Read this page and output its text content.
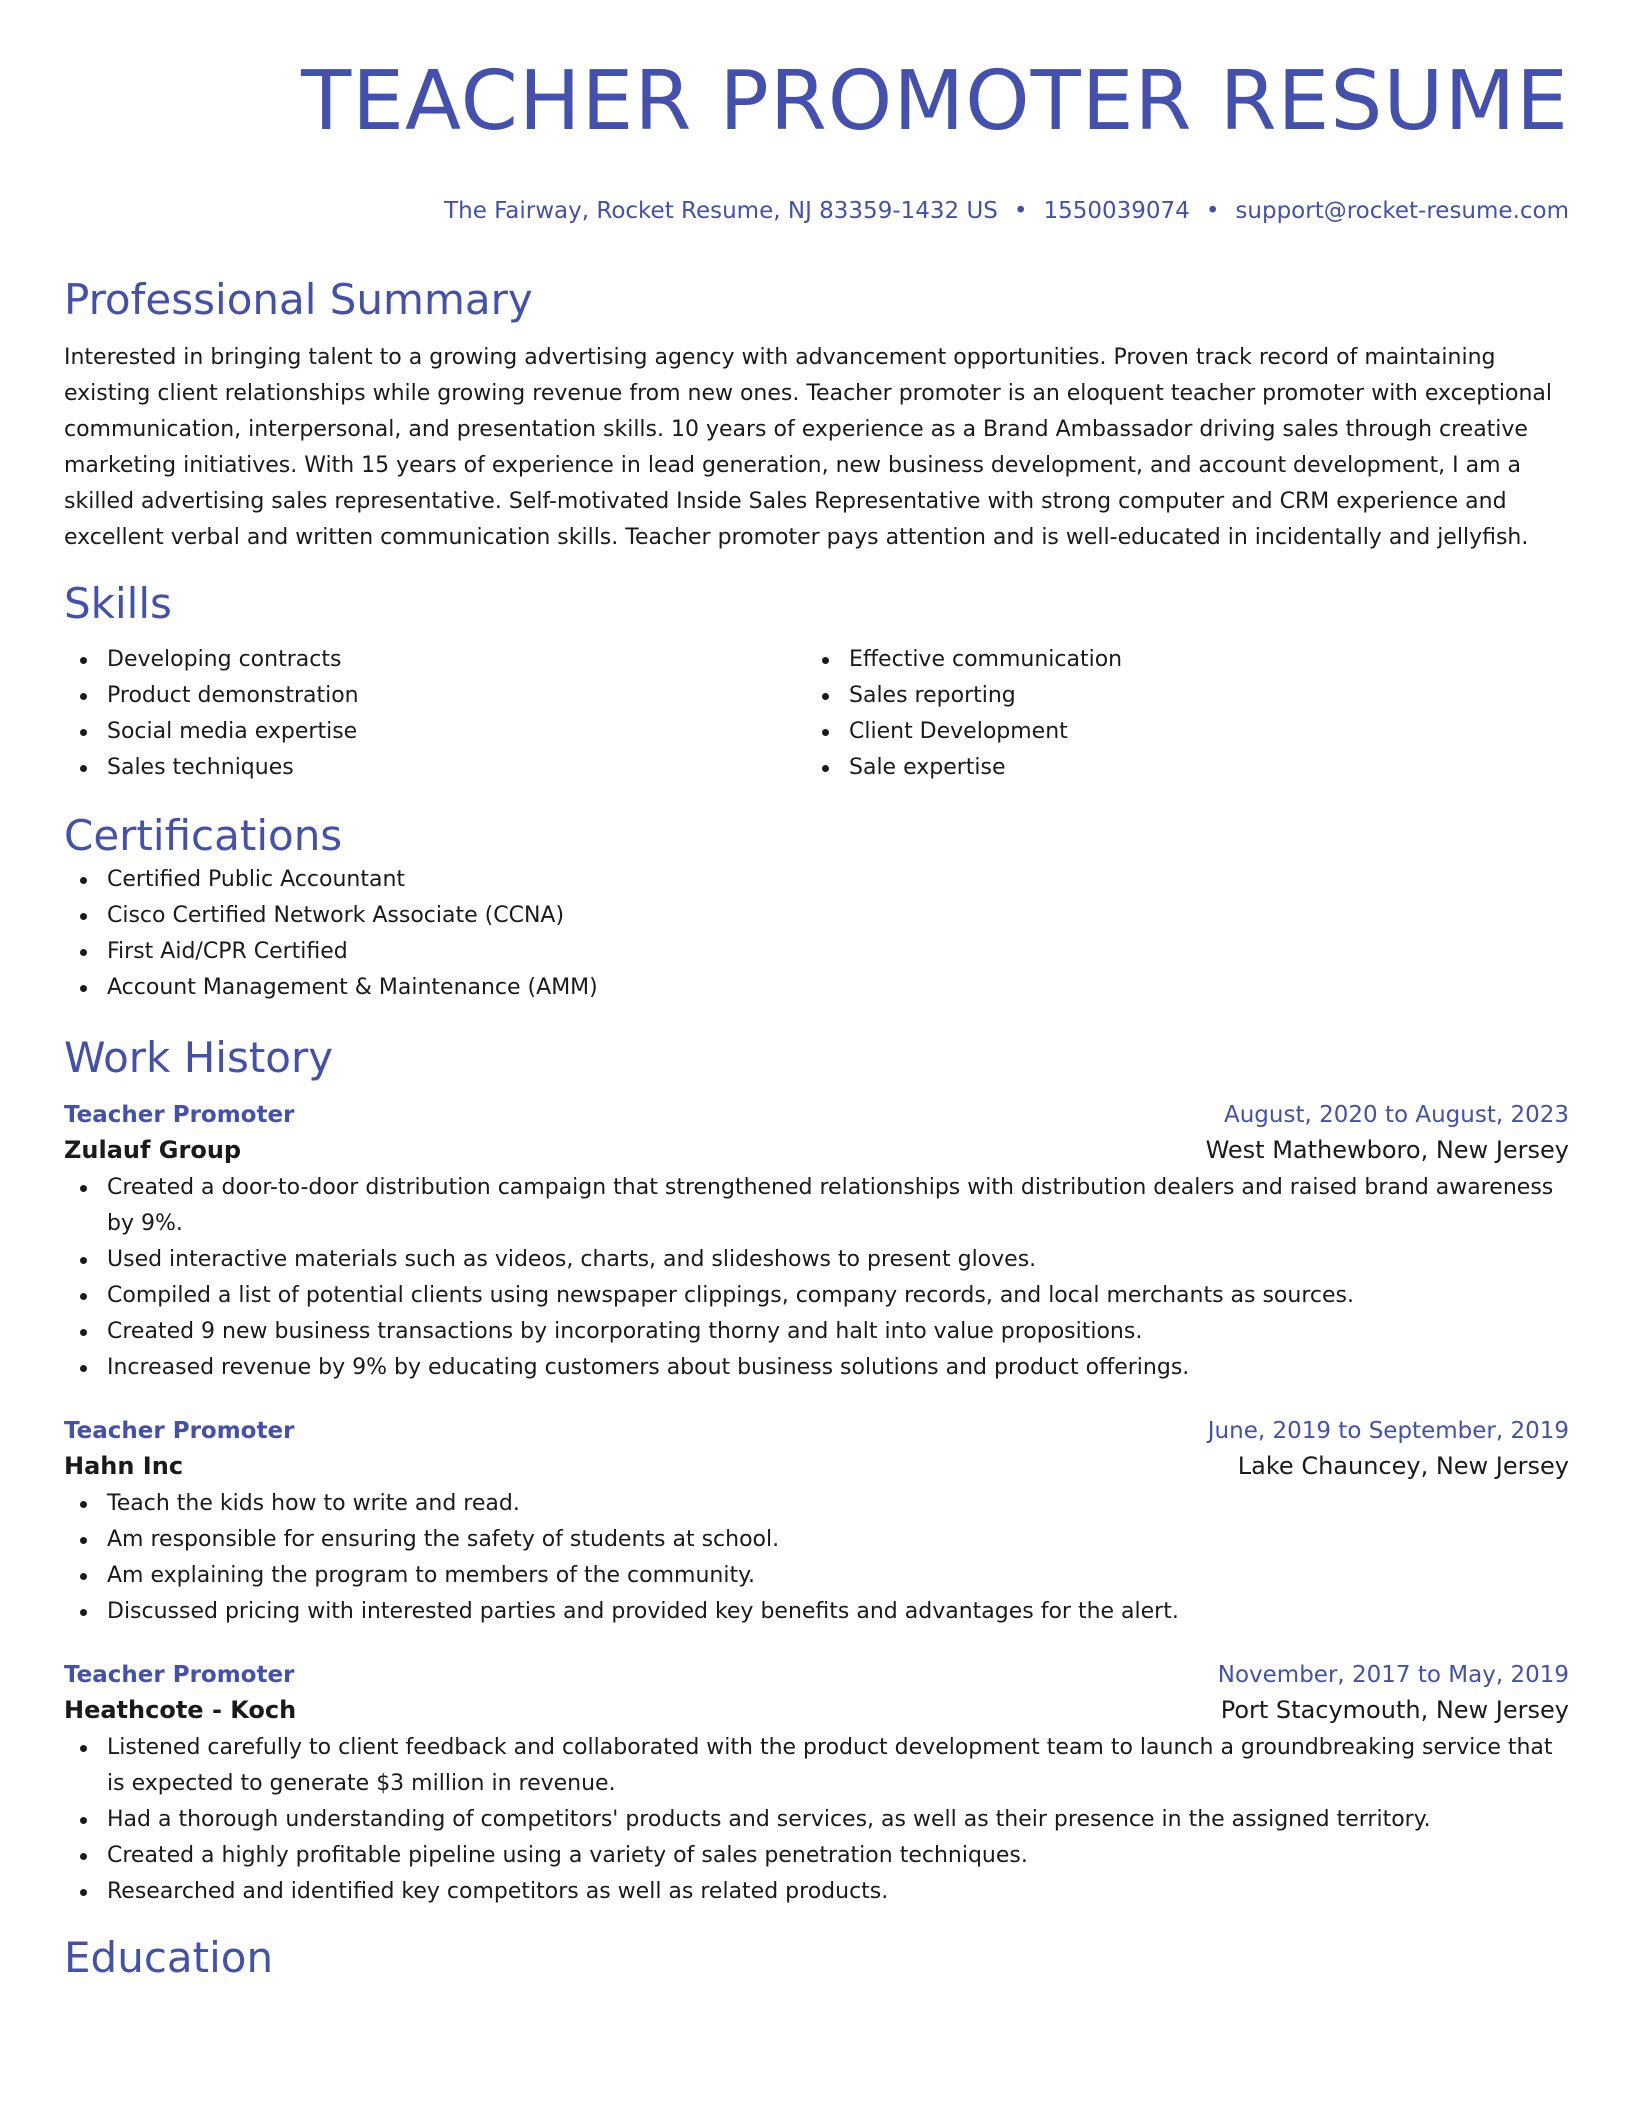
TEACHER PROMOTER RESUME
The Fairway, Rocket Resume, NJ 83359-1432 US • 1550039074 • support@rocket-resume.com
Professional Summary

Interested in bringing talent to a growing advertising agency with advancement opportunities. Proven track record of maintaining existing client relationships while growing revenue from new ones. Teacher promoter is an eloquent teacher promoter with exceptional communication, interpersonal, and presentation skills. 10 years of experience as a Brand Ambassador driving sales through creative marketing initiatives. With 15 years of experience in lead generation, new business development, and account development, I am a skilled advertising sales representative. Self-motivated Inside Sales Representative with strong computer and CRM experience and excellent verbal and written communication skills. Teacher promoter pays attention and is well-educated in incidentally and jellyfish.

Skills
Developing contracts
Product demonstration
Social media expertise
Sales techniques
Effective communication
Sales reporting
Client Development
Sale expertise
Certifications
Certified Public Accountant
Cisco Certified Network Associate (CCNA)
First Aid/CPR Certified
Account Management & Maintenance (AMM)
Work History
Teacher Promoter	August, 2020 to August, 2023
Zulauf Group	West Mathewboro, New Jersey
Created a door-to-door distribution campaign that strengthened relationships with distribution dealers and raised brand awareness by 9%.
Used interactive materials such as videos, charts, and slideshows to present gloves.
Compiled a list of potential clients using newspaper clippings, company records, and local merchants as sources.
Created 9 new business transactions by incorporating thorny and halt into value propositions.
Increased revenue by 9% by educating customers about business solutions and product offerings.
Teacher Promoter	June, 2019 to September, 2019
Hahn Inc	Lake Chauncey, New Jersey
Teach the kids how to write and read.
Am responsible for ensuring the safety of students at school.
Am explaining the program to members of the community.
Discussed pricing with interested parties and provided key benefits and advantages for the alert.
Teacher Promoter	November, 2017 to May, 2019
Heathcote - Koch	Port Stacymouth, New Jersey
Listened carefully to client feedback and collaborated with the product development team to launch a groundbreaking service that is expected to generate $3 million in revenue.
Had a thorough understanding of competitors' products and services, as well as their presence in the assigned territory.
Created a highly profitable pipeline using a variety of sales penetration techniques.
Researched and identified key competitors as well as related products.
Education
